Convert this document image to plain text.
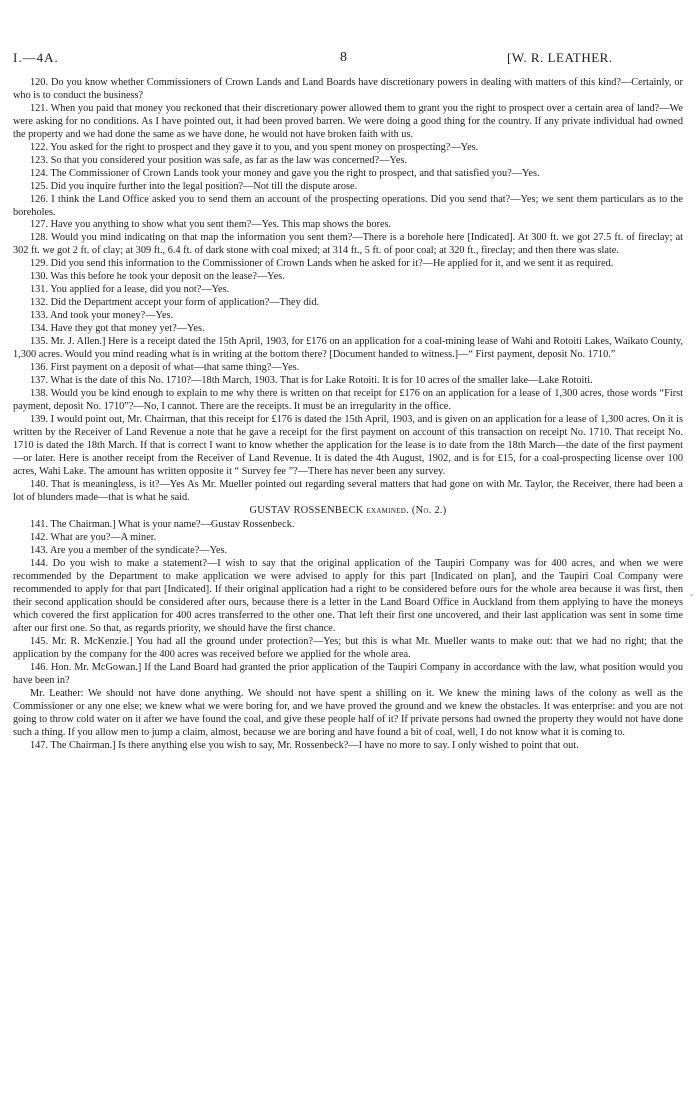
I.—4A.	8	[W. R. LEATHER.

120. Do you know whether Commissioners of Crown Lands and Land Boards have discretionary powers in dealing with matters of this kind?—Certainly, or who is to conduct the business?

121. When you paid that money you reckoned that their discretionary power allowed them to grant you the right to prospect over a certain area of land?—We were asking for no conditions. As I have pointed out, it had been proved barren. We were doing a good thing for the country. If any private individual had owned the property and we had done the same as we have done, he would not have broken faith with us.

122. You asked for the right to prospect and they gave it to you, and you spent money on prospecting?—Yes.

123. So that you considered your position was safe, as far as the law was concerned?—Yes.

124. The Commissioner of Crown Lands took your money and gave you the right to prospect, and that satisfied you?—Yes.

125. Did you inquire further into the legal position?—Not till the dispute arose.

126. I think the Land Office asked you to send them an account of the prospecting operations. Did you send that?—Yes; we sent them particulars as to the boreholes.

127. Have you anything to show what you sent them?—Yes. This map shows the bores.

128. Would you mind indicating on that map the information you sent them?—There is a borehole here [Indicated]. At 300 ft. we got 27.5 ft. of fireclay; at 302 ft. we got 2 ft. of clay; at 309 ft., 6.4 ft. of dark stone with coal mixed; at 314 ft., 5 ft. of poor coal; at 320 ft., fireclay; and then there was slate.

129. Did you send this information to the Commissioner of Crown Lands when he asked for it?—He applied for it, and we sent it as required.

130. Was this before he took your deposit on the lease?—Yes.

131. You applied for a lease, did you not?—Yes.

132. Did the Department accept your form of application?—They did.

133. And took your money?—Yes.

134. Have they got that money yet?—Yes.

135. Mr. J. Allen.] Here is a receipt dated the 15th April, 1903, for £176 on an application for a coal-mining lease of Wahi and Rotoiti Lakes, Waikato County, 1,300 acres. Would you mind reading what is in writing at the bottom there? [Document handed to witness.]—“ First payment, deposit No. 1710.”

136. First payment on a deposit of what—that same thing?—Yes.

137. What is the date of this No. 1710?—18th March, 1903. That is for Lake Rotoiti. It is for 10 acres of the smaller lake—Lake Rotoiti.

138. Would you be kind enough to explain to me why there is written on that receipt for £176 on an application for a lease of 1,300 acres, those words “First payment, deposit No. 1710”?—No, I cannot. There are the receipts. It must be an irregularity in the office.

139. I would point out, Mr. Chairman, that this receipt for £176 is dated the 15th April, 1903, and is given on an application for a lease of 1,300 acres. On it is written by the Receiver of Land Revenue a note that he gave a receipt for the first payment on account of this transaction on receipt No. 1710. That receipt No. 1710 is dated the 18th March. If that is correct I want to know whether the application for the lease is to date from the 18th March—the date of the first payment—or later. Here is another receipt from the Receiver of Land Revenue. It is dated the 4th August, 1902, and is for £15, for a coal-prospecting license over 100 acres, Wahi Lake. The amount has written opposite it “ Survey fee ”?—There has never been any survey.

140. That is meaningless, is it?—Yes As Mr. Mueller pointed out regarding several matters that had gone on with Mr. Taylor, the Receiver, there had been a lot of blunders made—that is what he said.

GUSTAV ROSSENBECK examined. (No. 2.)

141. The Chairman.] What is your name?—Gustav Rossenbeck.

142. What are you?—A miner.

143. Are you a member of the syndicate?—Yes.

144. Do you wish to make a statement?—I wish to say that the original application of the Taupiri Company was for 400 acres, and when we were recommended by the Department to make application we were advised to apply for this part [Indicated on plan], and the Taupiri Coal Company were recommended to apply for that part [Indicated]. If their original application had a right to be considered before ours for the whole area because it was first, then their second application should be considered after ours, because there is a letter in the Land Board Office in Auckland from them applying to have the moneys which covered the first application for 400 acres transferred to the other one. That left their first one uncovered, and their last application was sent in some time after our first one. So that, as regards priority, we should have the first chance.

145. Mr. R. McKenzie.] You had all the ground under protection?—Yes; but this is what Mr. Mueller wants to make out: that we had no right; that the application by the company for the 400 acres was received before we applied for the whole area.

146. Hon. Mr. McGowan.] If the Land Board had granted the prior application of the Taupiri Company in accordance with the law, what position would you have been in?

Mr. Leather: We should not have done anything. We should not have spent a shilling on it. We knew the mining laws of the colony as well as the Commissioner or any one else; we knew what we were boring for, and we have proved the ground and we knew the obstacles. It was enterprise: and you are not going to throw cold water on it after we have found the coal, and give these people half of it? If private persons had owned the property they would not have done such a thing. If you allow men to jump a claim, almost, because we are boring and have found a bit of coal, well, I do not know what it is coming to.

147. The Chairman.] Is there anything else you wish to say, Mr. Rossenbeck?—I have no more to say. I only wished to point that out.

˜
